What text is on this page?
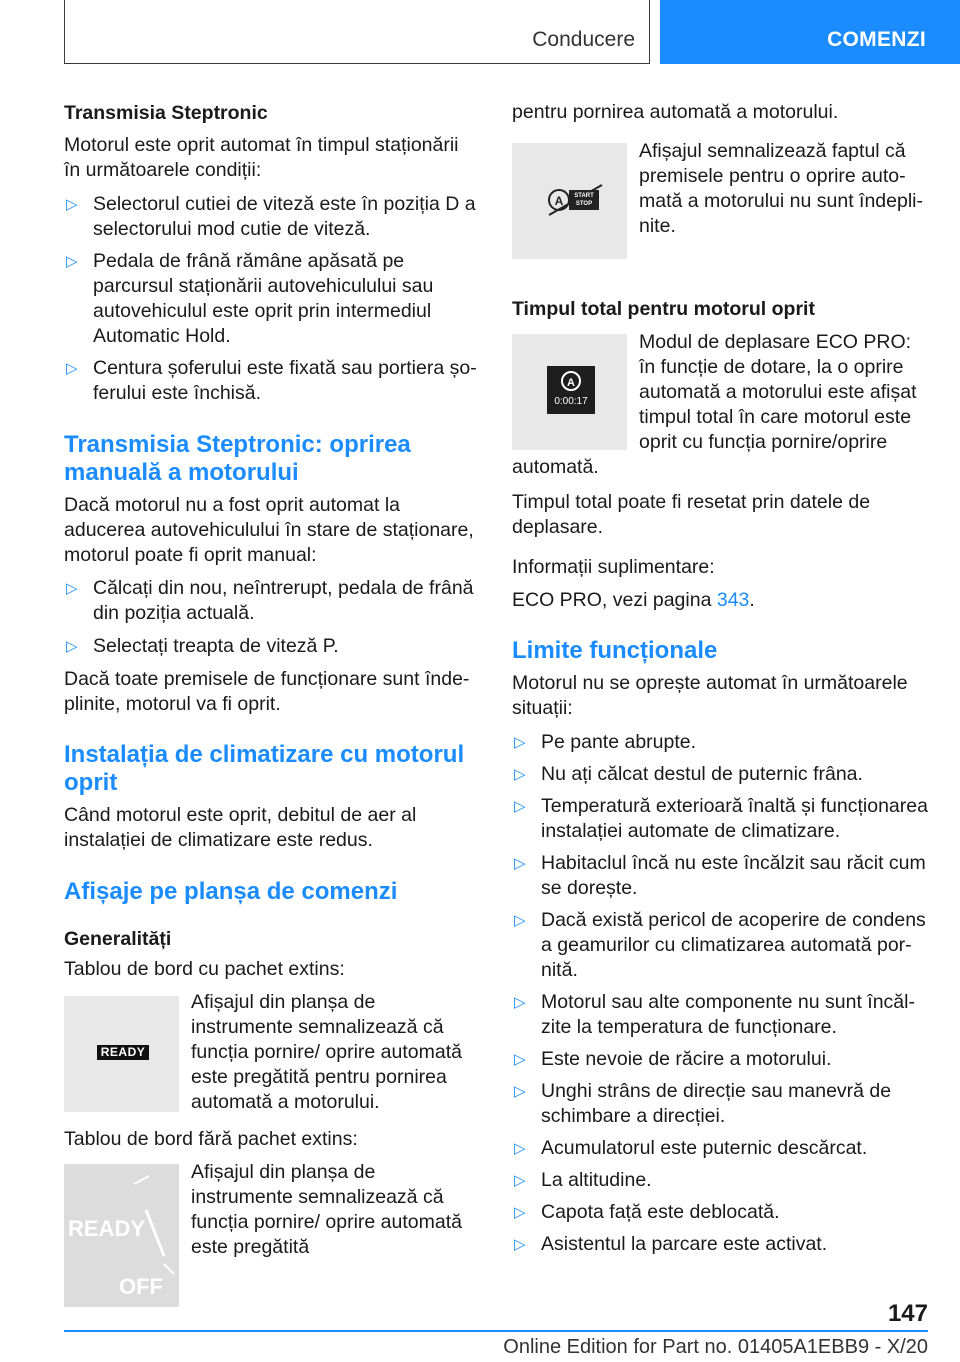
Conducere	COMENZI
Transmisia Steptronic

Motorul este oprit automat în timpul staționării în următoarele condiții:

▷ Selectorul cutiei de viteză este în poziția D a selectorului mod cutie de viteză.
▷ Pedala de frână rămâne apăsată pe parcursul staționării autovehiculului sau autovehiculul este oprit prin intermediul Automatic Hold.
▷ Centura șoferului este fixată sau portiera șoferului este închisă.
Transmisia Steptronic: oprirea manuală a motorului

Dacă motorul nu a fost oprit automat la aducerea autovehiculului în stare de staționare, motorul poate fi oprit manual:

▷ Călcați din nou, neîntrerupt, pedala de frână din poziția actuală.
▷ Selectați treapta de viteză P.

Dacă toate premisele de funcționare sunt îndeplinite, motorul va fi oprit.

Instalația de climatizare cu motorul oprit

Când motorul este oprit, debitul de aer al instalației de climatizare este redus.

Afișaje pe planșa de comenzi
Generalități

Tablou de bord cu pachet extins:

READY
Afișajul din planșa de instrumente semnalizează că funcția pornire/ oprire automată este pregătită pentru pornirea automată a motorului.

Tablou de bord fără pachet extins:

READY
OFF
Afișajul din planșa de instrumente semnalizează că funcția pornire/ oprire automată este pregătită

pentru pornirea automată a motorului.

A	START STOP
Afișajul semnalizează faptul că premisele pentru o oprire automată a motorului nu sunt îndeplinite.
Timpul total pentru motorul oprit
A
0:00:17
Modul de deplasare ECO PRO: în funcție de dotare, la o oprire automată a motorului este afișat timpul total în care motorul este oprit cu funcția pornire/oprire automată.

Timpul total poate fi resetat prin datele de deplasare.

Informații suplimentare:

ECO PRO, vezi pagina 343.

Limite funcționale

Motorul nu se oprește automat în următoarele situații:

▷ Pe pante abrupte.
▷ Nu ați călcat destul de puternic frâna.
▷ Temperatură exterioară înaltă și funcționarea instalației automate de climatizare.
▷ Habitaclul încă nu este încălzit sau răcit cum se dorește.
▷ Dacă există pericol de acoperire de condens a geamurilor cu climatizarea automată pornită.
▷ Motorul sau alte componente nu sunt încălzite la temperatura de funcționare.
▷ Este nevoie de răcire a motorului.
▷ Unghi strâns de direcție sau manevră de schimbare a direcției.
▷ Acumulatorul este puternic descărcat.
▷ La altitudine.
▷ Capota față este deblocată.
▷ Asistentul la parcare este activat.
147
Online Edition for Part no. 01405A1EBB9 - X/20
